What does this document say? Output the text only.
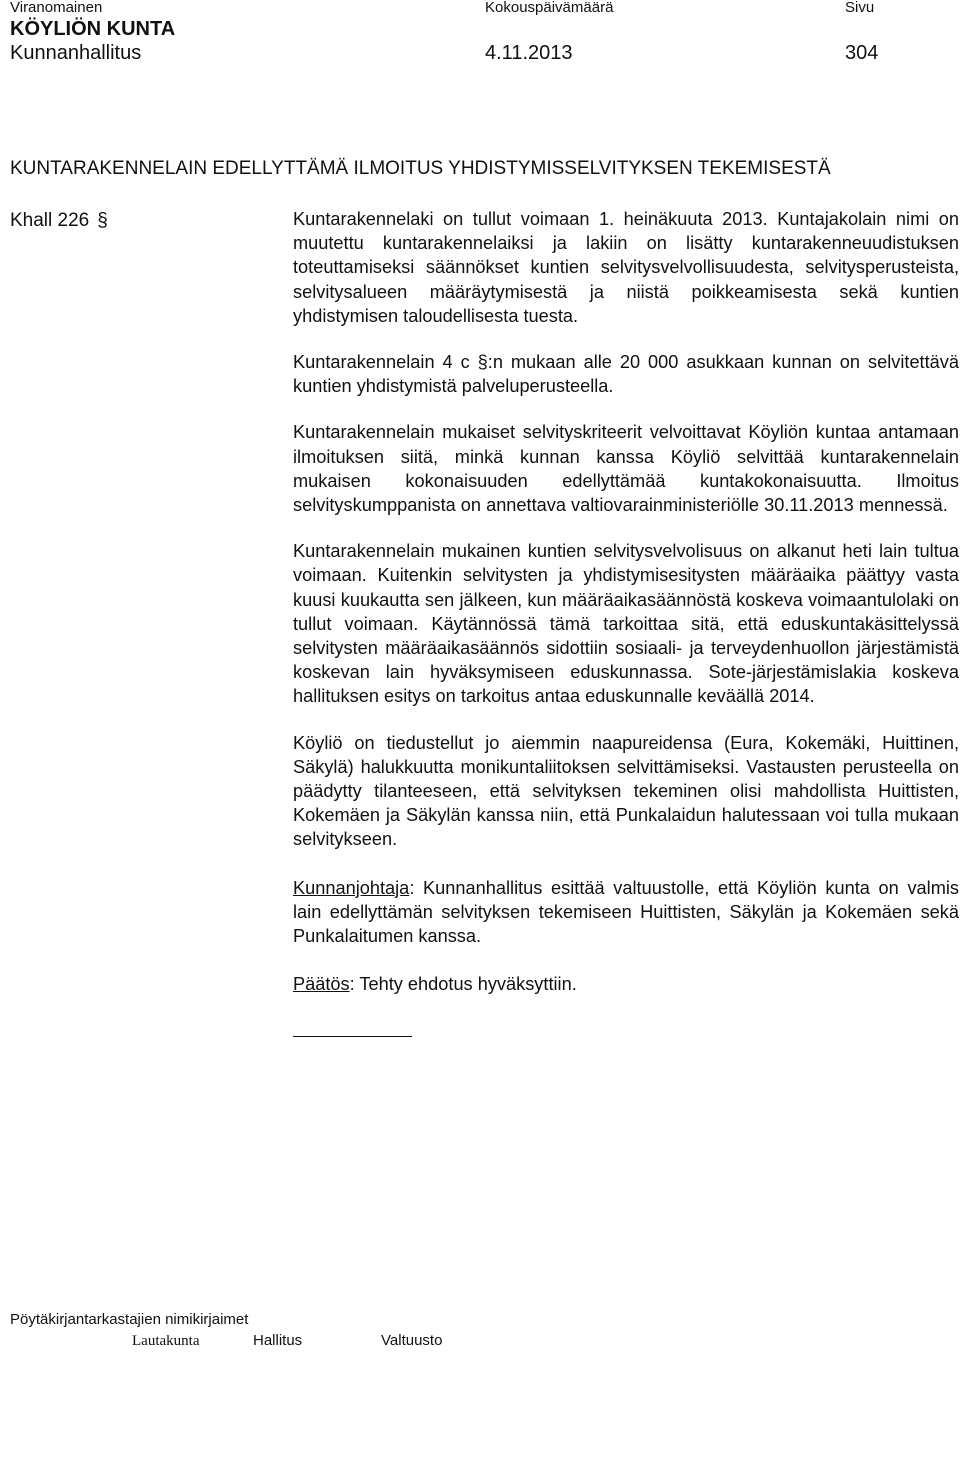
Viranomainen	Kokouspäivämäärä	Sivu
KÖYLIÖN KUNTA
Kunnanhallitus	4.11.2013	304
KUNTARAKENNELAIN EDELLYTTÄMÄ ILMOITUS YHDISTYMISSELVITYKSEN TEKEMISESTÄ
Khall 226 §	Kuntarakennelaki on tullut voimaan 1. heinäkuuta 2013. Kuntajakolain nimi on muutettu kuntarakennelaiksi ja lakiin on lisätty kuntarakenneuudistuksen toteuttamiseksi säännökset kuntien selvitysvelvollisuudesta, selvitysperusteista, selvitysalueen määräytymisestä ja niistä poikkeamisesta sekä kuntien yhdistymisen taloudellisesta tuesta.

Kuntarakennelain 4 c §:n mukaan alle 20 000 asukkaan kunnan on selvitettävä kuntien yhdistymistä palveluperusteella.

Kuntarakennelain mukaiset selvityskriteerit velvoittavat Köyliön kuntaa antamaan ilmoituksen siitä, minkä kunnan kanssa Köyliö selvittää kuntarakennelain mukaisen kokonaisuuden edellyttämää kuntakokonaisuutta. Ilmoitus selvityskumppanista on annettava valtiovarainministeriölle 30.11.2013 mennessä.

Kuntarakennelain mukainen kuntien selvitysvelvolisuus on alkanut heti lain tultua voimaan. Kuitenkin selvitysten ja yhdistymisesitysten määräaika päättyy vasta kuusi kuukautta sen jälkeen, kun määräaikasäännöstä koskeva voimaantulolaki on tullut voimaan. Käytännössä tämä tarkoittaa sitä, että eduskuntakäsittelyssä selvitysten määräaikasäännös sidottiin sosiaali- ja terveydenhuollon järjestämistä koskevan lain hyväksymiseen eduskunnassa. Sote-järjestämislakia koskeva hallituksen esitys on tarkoitus antaa eduskunnalle keväällä 2014.

Köyliö on tiedustellut jo aiemmin naapureidensa (Eura, Kokemäki, Huittinen, Säkylä) halukkuutta monikuntaliitoksen selvittämiseksi. Vastausten perusteella on päädytty tilanteeseen, että selvityksen tekeminen olisi mahdollista Huittisten, Kokemäen ja Säkylän kanssa niin, että Punkalaidun halutessaan voi tulla mukaan selvitykseen.

Kunnanjohtaja: Kunnanhallitus esittää valtuustolle, että Köyliön kunta on valmis lain edellyttämän selvityksen tekemiseen Huittisten, Säkylän ja Kokemäen sekä Punkalaitumen kanssa.

Päätös: Tehty ehdotus hyväksyttiin.

Pöytäkirjantarkastajien nimikirjaimet
Lautakunta	Hallitus	Valtuusto
